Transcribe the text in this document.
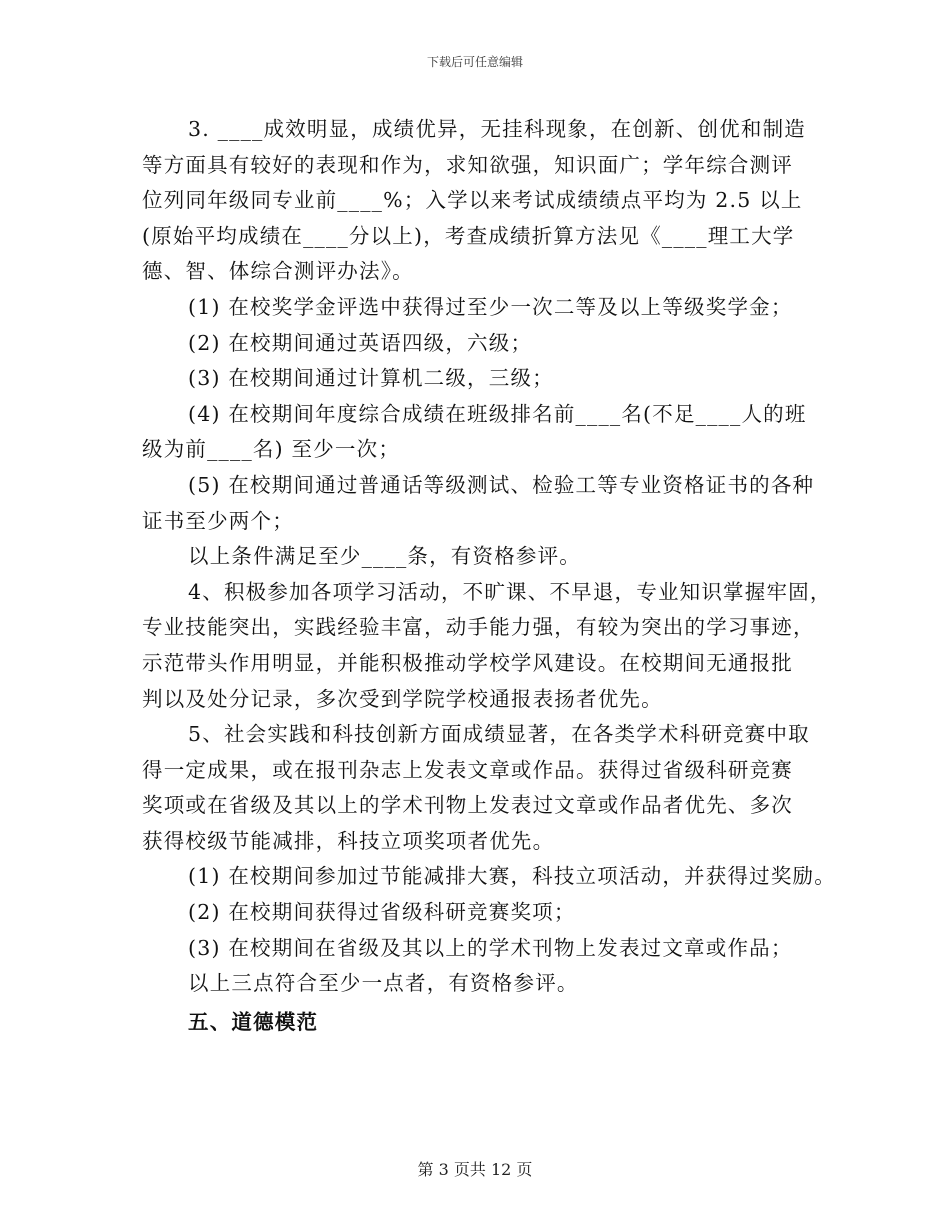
下载后可任意编辑

3. ____成效明显，成绩优异，无挂科现象，在创新、创优和制造

等方面具有较好的表现和作为，求知欲强，知识面广；学年综合测评

位列同年级同专业前____%；入学以来考试成绩绩点平均为 2.5 以上

(原始平均成绩在____分以上)，考查成绩折算方法见《____理工大学

德、智、体综合测评办法》。

(1) 在校奖学金评选中获得过至少一次二等及以上等级奖学金；

(2) 在校期间通过英语四级，六级；

(3) 在校期间通过计算机二级，三级；

(4) 在校期间年度综合成绩在班级排名前____名(不足____人的班

级为前____名) 至少一次；

(5) 在校期间通过普通话等级测试、检验工等专业资格证书的各种

证书至少两个；

以上条件满足至少____条，有资格参评。

4、积极参加各项学习活动，不旷课、不早退，专业知识掌握牢固，

专业技能突出，实践经验丰富，动手能力强，有较为突出的学习事迹，

示范带头作用明显，并能积极推动学校学风建设。在校期间无通报批

判以及处分记录，多次受到学院学校通报表扬者优先。

5、社会实践和科技创新方面成绩显著，在各类学术科研竞赛中取

得一定成果，或在报刊杂志上发表文章或作品。获得过省级科研竞赛

奖项或在省级及其以上的学术刊物上发表过文章或作品者优先、多次

获得校级节能减排，科技立项奖项者优先。

(1) 在校期间参加过节能减排大赛，科技立项活动，并获得过奖励。

(2) 在校期间获得过省级科研竞赛奖项；

(3) 在校期间在省级及其以上的学术刊物上发表过文章或作品；

以上三点符合至少一点者，有资格参评。

五、道德模范

第 3 页共 12 页
